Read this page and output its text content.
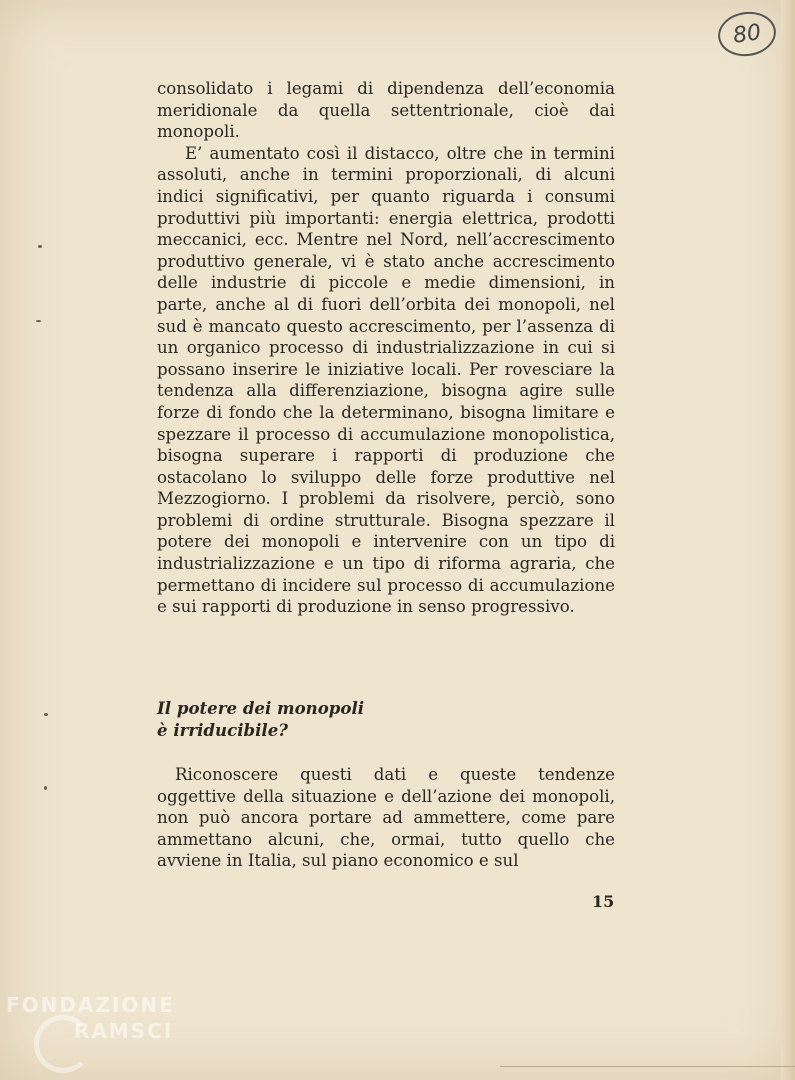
80

consolidato i legami di dipendenza dell’economia meridionale da quella settentrionale, cioè dai monopoli.

E’ aumentato così il distacco, oltre che in termini assoluti, anche in termini proporzionali, di alcuni indici significativi, per quanto riguarda i consumi produttivi più importanti: energia elettrica, prodotti meccanici, ecc. Mentre nel Nord, nell’accrescimento produttivo generale, vi è stato anche accrescimento delle industrie di piccole e medie dimensioni, in parte, anche al di fuori dell’orbita dei monopoli, nel sud è mancato questo accrescimento, per l’assenza di un organico processo di industrializzazione in cui si possano inserire le iniziative locali. Per rovesciare la tendenza alla differenziazione, bisogna agire sulle forze di fondo che la determinano, bisogna limitare e spezzare il processo di accumulazione monopolistica, bisogna superare i rapporti di produzione che ostacolano lo sviluppo delle forze produttive nel Mezzogiorno. I problemi da risolvere, perciò, sono problemi di ordine strutturale. Bisogna spezzare il potere dei monopoli e intervenire con un tipo di industrializzazione e un tipo di riforma agraria, che permettano di incidere sul processo di accumulazione e sui rapporti di produzione in senso progressivo.

Il potere dei monopoli
è irriducibile?
Riconoscere questi dati e queste tendenze oggettive della situazione e dell’azione dei monopoli, non può ancora portare ad ammettere, come pare ammettano alcuni, che, ormai, tutto quello che avviene in Italia, sul piano economico e sul
15
FONDAZIONE
RAMSCI
